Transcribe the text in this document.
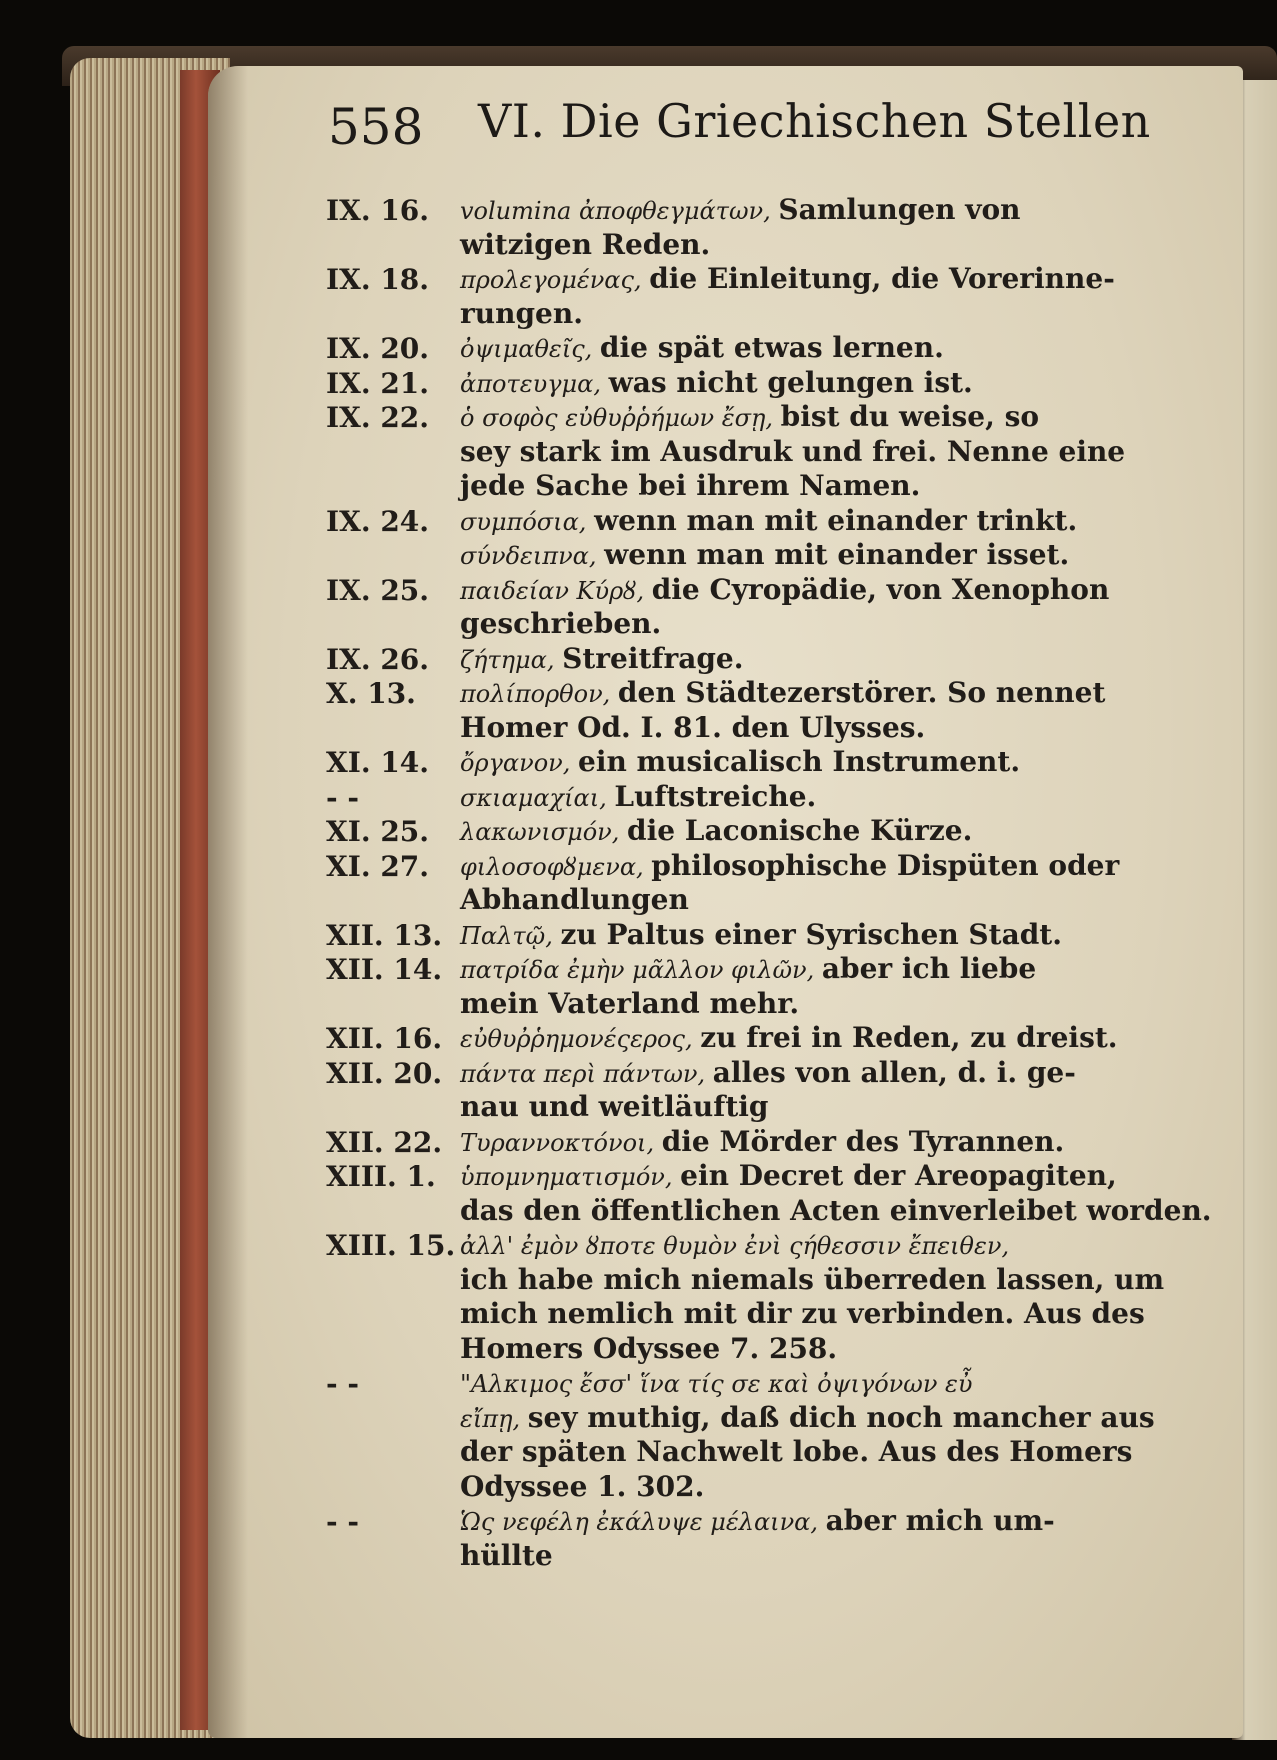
558 VI. Die Griechischen Stellen
IX. 16.	volumina ἀποφθεγμάτων, Samlungen von
witzigen Reden.
IX. 18.	προλεγομένας, die Einleitung, die Vorerinne-
rungen.
IX. 20.	ὀψιμαθεῖς, die spät etwas lernen.
IX. 21.	ἀποτευγμα, was nicht gelungen ist.
IX. 22.	ὁ σοφὸς εὐθυῤῥήμων ἔσῃ, bist du weise, so
sey stark im Ausdruk und frei. Nenne eine
jede Sache bei ihrem Namen.
IX. 24.	συμπόσια, wenn man mit einander trinkt.
σύνδειπνα, wenn man mit einander isset.
IX. 25.	παιδείαν Κύρȣ, die Cyropädie, von Xenophon
geschrieben.
IX. 26.	ζήτημα, Streitfrage.
X. 13.	πολίπορθον, den Städtezerstörer. So nennet
Homer Od. I. 81. den Ulysses.
XI. 14.	ὄργανον, ein musicalisch Instrument.
- -	σκιαμαχίαι, Luftstreiche.
XI. 25.	λακωνισμόν, die Laconische Kürze.
XI. 27.	φιλοσοφȣμενα, philosophische Dispüten oder
Abhandlungen
XII. 13. Παλτῷ, zu Paltus einer Syrischen Stadt.
XII. 14. πατρίδα ἐμὴν μᾶλλον φιλῶν, aber ich liebe
mein Vaterland mehr.
XII. 16. εὐθυῤῥημονέςερος, zu frei in Reden, zu dreist.
XII. 20. πάντα περὶ πάντων, alles von allen, d. i. ge-
nau und weitläuftig
XII. 22. Τυραννοκτόνοι, die Mörder des Tyrannen.
XIII. 1.	ὑπομνηματισμόν, ein Decret der Areopagiten,
das den öffentlichen Acten einverleibet worden.
XIII. 15. ἀλλ' ἐμὸν ȣποτε θυμὸν ἐνὶ ςήθεσσιν ἔπειθεν,
ich habe mich niemals überreden lassen, um
mich nemlich mit dir zu verbinden. Aus des
Homers Odyssee 7. 258.
- -	"Αλκιμος ἔσσ' ἵνα τίς σε καὶ ὀψιγόνων εὖ
εἴπῃ, sey muthig, daß dich noch mancher aus
der späten Nachwelt lobe. Aus des Homers
Odyssee 1. 302.
- -	Ὡς νεφέλη ἐκάλυψε μέλαινα, aber mich um-
hüllte
